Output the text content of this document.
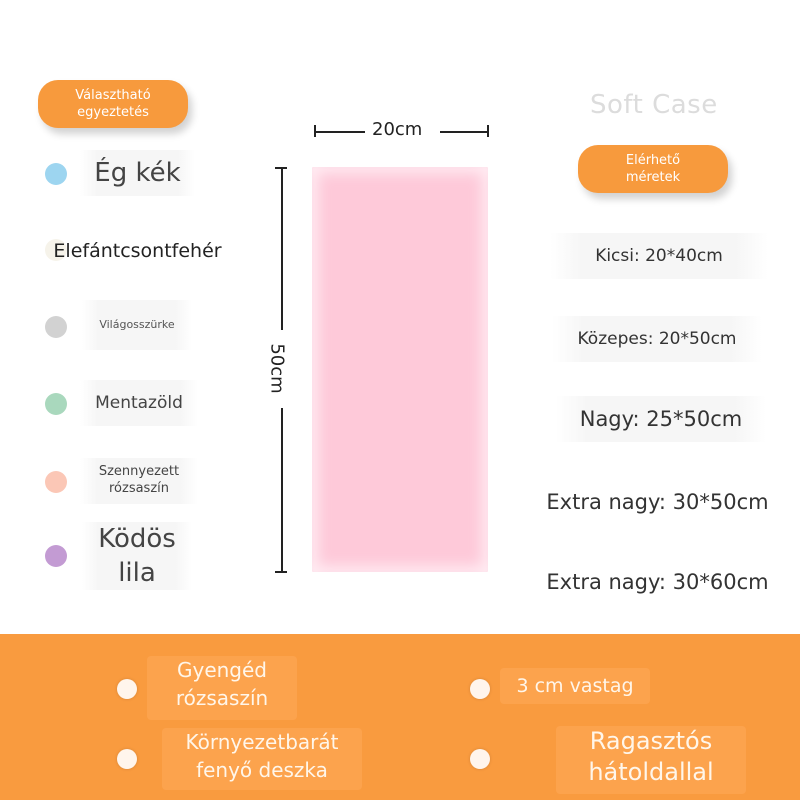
Választható egyeztetés	Soft Case
Elérhető méretek
Ég kék
Elefántcsontfehér
Világosszürke
Mentazöld
Szennyezett rózsaszín
Ködös lila
20cm
50cm
Kicsi: 20*40cm
Közepes: 20*50cm
Nagy: 25*50cm
Extra nagy: 30*50cm
Extra nagy: 30*60cm
Gyengéd rózsaszín	3 cm vastag
Környezetbarát fenyő deszka
Ragasztós hátoldallal
